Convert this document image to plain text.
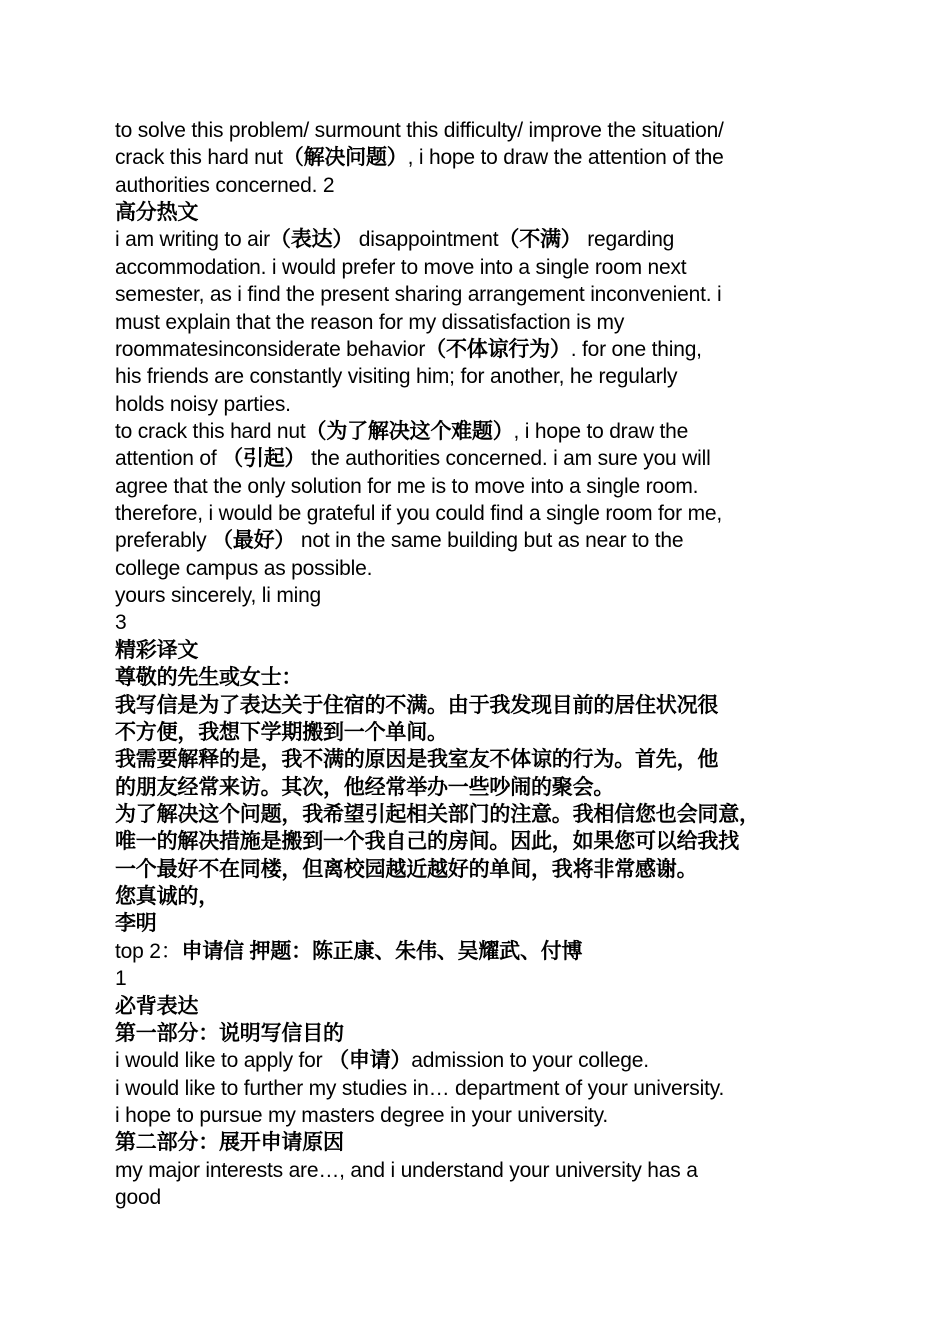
to solve this problem/ surmount this difficulty/ improve the situation/

crack this hard nut（解决问题）, i hope to draw the attention of the

authorities concerned. 2

高分热文

i am writing to air（表达） disappointment（不满） regarding

accommodation. i would prefer to move into a single room next

semester, as i find the present sharing arrangement inconvenient. i

must explain that the reason for my dissatisfaction is my

roommatesinconsiderate behavior（不体谅行为）. for one thing,

his friends are constantly visiting him; for another, he regularly

holds noisy parties.

to crack this hard nut（为了解决这个难题）, i hope to draw the

attention of （引起） the authorities concerned. i am sure you will

agree that the only solution for me is to move into a single room.

therefore, i would be grateful if you could find a single room for me,

preferably （最好） not in the same building but as near to the

college campus as possible.

yours sincerely, li ming

3

精彩译文

尊敬的先生或女士：

我写信是为了表达关于住宿的不满。由于我发现目前的居住状况很

不方便，我想下学期搬到一个单间。

我需要解释的是，我不满的原因是我室友不体谅的行为。首先，他

的朋友经常来访。其次，他经常举办一些吵闹的聚会。

为了解决这个问题，我希望引起相关部门的注意。我相信您也会同意，

唯一的解决措施是搬到一个我自己的房间。因此，如果您可以给我找

一个最好不在同楼，但离校园越近越好的单间，我将非常感谢。

您真诚的，

李明

top 2：申请信 押题：陈正康、朱伟、吴耀武、付博

1

必背表达

第一部分：说明写信目的

i would like to apply for （申请）admission to your college.

i would like to further my studies in… department of your university.

i hope to pursue my masters degree in your university.

第二部分：展开申请原因

my major interests are…, and i understand your university has a

good
